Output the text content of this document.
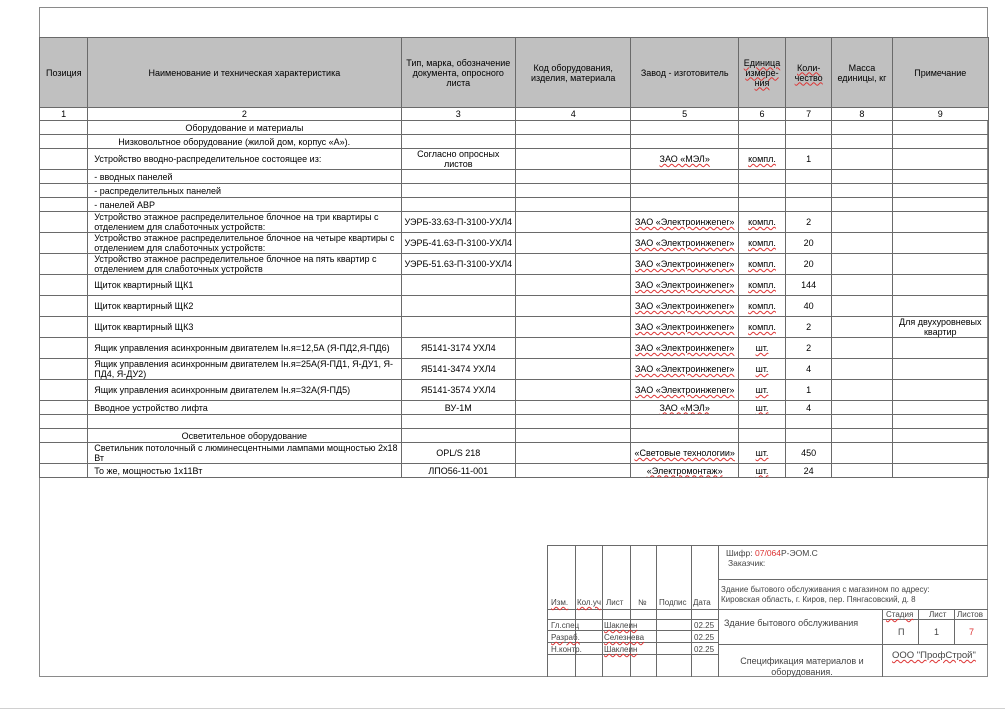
Позиция	Наименование и техническая характеристика	Тип, марка, обозначение документа, опросного листа	Код оборудования, изделия, материала	Завод - изготовитель	Единица измере-ния	Коли-чество	Масса единицы, кг	Примечание
1	2	3	4	5	6	7	8	9
	Оборудование и материалы							
	Низковольтное оборудование (жилой дом, корпус «А»).							
	Устройство вводно-распределительное состоящее из:	Согласно опросных листов		ЗАО «МЭЛ»	компл.	1		
	- вводных панелей							
	- распределительных панелей							
	- панелей АВР							
	Устройство этажное распределительное блочное на три квартиры с отделением для слаботочных устройств:	УЭРБ-33.63-П-3100-УХЛ4		ЗАО «Электроинжener»	компл.	2		
	Устройство этажное распределительное блочное на четыре квартиры с отделением для слаботочных устройств:	УЭРБ-41.63-П-3100-УХЛ4		ЗАО «Электроинжener»	компл.	20		
	Устройство этажное распределительное блочное на пять квартир с отделением для слаботочных устройств	УЭРБ-51.63-П-3100-УХЛ4		ЗАО «Электроинжener»	компл.	20		
	Щиток квартирный ЩК1			ЗАО «Электроинжener»	компл.	144		
	Щиток квартирный ЩК2			ЗАО «Электроинжener»	компл.	40		
	Щиток квартирный ЩК3			ЗАО «Электроинжener»	компл.	2		Для двухуровневых квартир
	Ящик управления асинхронным двигателем Iн.я=12,5А (Я-ПД2,Я-ПД6)	Я5141-3174 УХЛ4		ЗАО «Электроинжener»	шт.	2		
	Ящик управления асинхронным двигателем Iн.я=25А(Я-ПД1, Я-ДУ1, Я-ПД4, Я-ДУ2)	Я5141-3474 УХЛ4		ЗАО «Электроинжener»	шт.	4		
	Ящик управления асинхронным двигателем Iн.я=32А(Я-ПД5)	Я5141-3574 УХЛ4		ЗАО «Электроинжener»	шт.	1		
	Вводное устройство лифта	ВУ-1М		ЗАО «МЭЛ»	шт.	4		

	Осветительное оборудование							
	Светильник потолочный с люминесцентными лампами мощностью 2x18 Вт	OPL/S 218		«Световые технологии»	шт.	450		
	То же, мощностью 1x11Вт	ЛПО56-11-001		«Электромонтаж»	шт.	24		
Шифр: 07/064Р-ЭОМ.С
Заказчик:
Здание бытового обслуживания с магазином по адресу:
Кировская область, г. Киров, пер. Пянгасовский, д. 8
Изм. Кол.уч Лист № Подпис Дата
Гл.спец	Шаклеин	02.25
Разраб.	Селезнева	02.25
Н.контр.	Шаклеин	02.25
Здание бытового обслуживания
Стадия Лист Листов
П	1	7
Спецификация материалов и оборудования.
ООО "ПрофСтрой"
